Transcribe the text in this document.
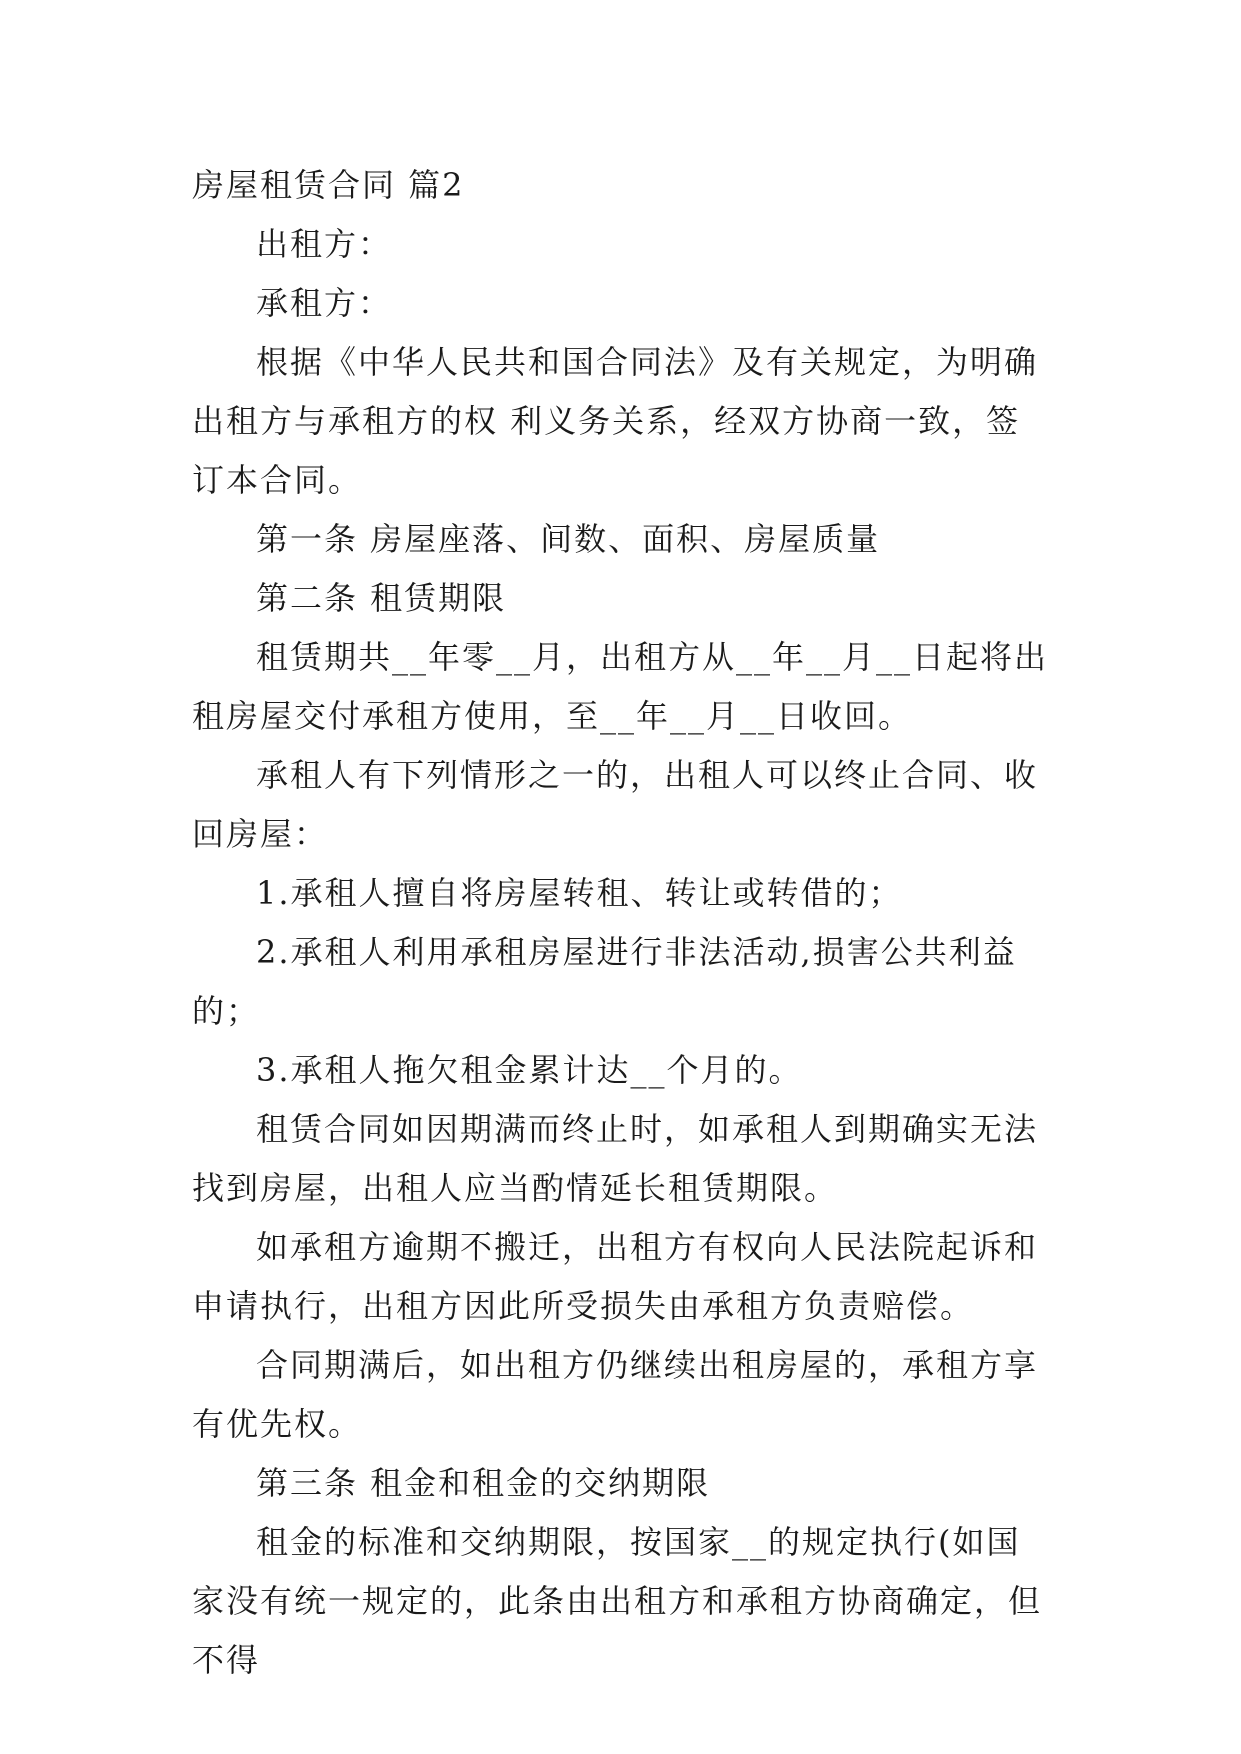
房屋租赁合同 篇2

出租方：

承租方：

根据《中华人民共和国合同法》及有关规定，为明确出租方与承租方的权 利义务关系，经双方协商一致，签订本合同。

第一条 房屋座落、间数、面积、房屋质量

第二条 租赁期限

租赁期共__年零__月，出租方从__年__月__日起将出租房屋交付承租方使用，至__年__月__日收回。

承租人有下列情形之一的，出租人可以终止合同、收回房屋：

1.承租人擅自将房屋转租、转让或转借的；

2.承租人利用承租房屋进行非法活动,损害公共利益的；

3.承租人拖欠租金累计达__个月的。

租赁合同如因期满而终止时，如承租人到期确实无法找到房屋，出租人应当酌情延长租赁期限。

如承租方逾期不搬迁，出租方有权向人民法院起诉和申请执行，出租方因此所受损失由承租方负责赔偿。

合同期满后，如出租方仍继续出租房屋的，承租方享有优先权。

第三条 租金和租金的交纳期限

租金的标准和交纳期限，按国家__的规定执行(如国家没有统一规定的，此条由出租方和承租方协商确定，但不得
